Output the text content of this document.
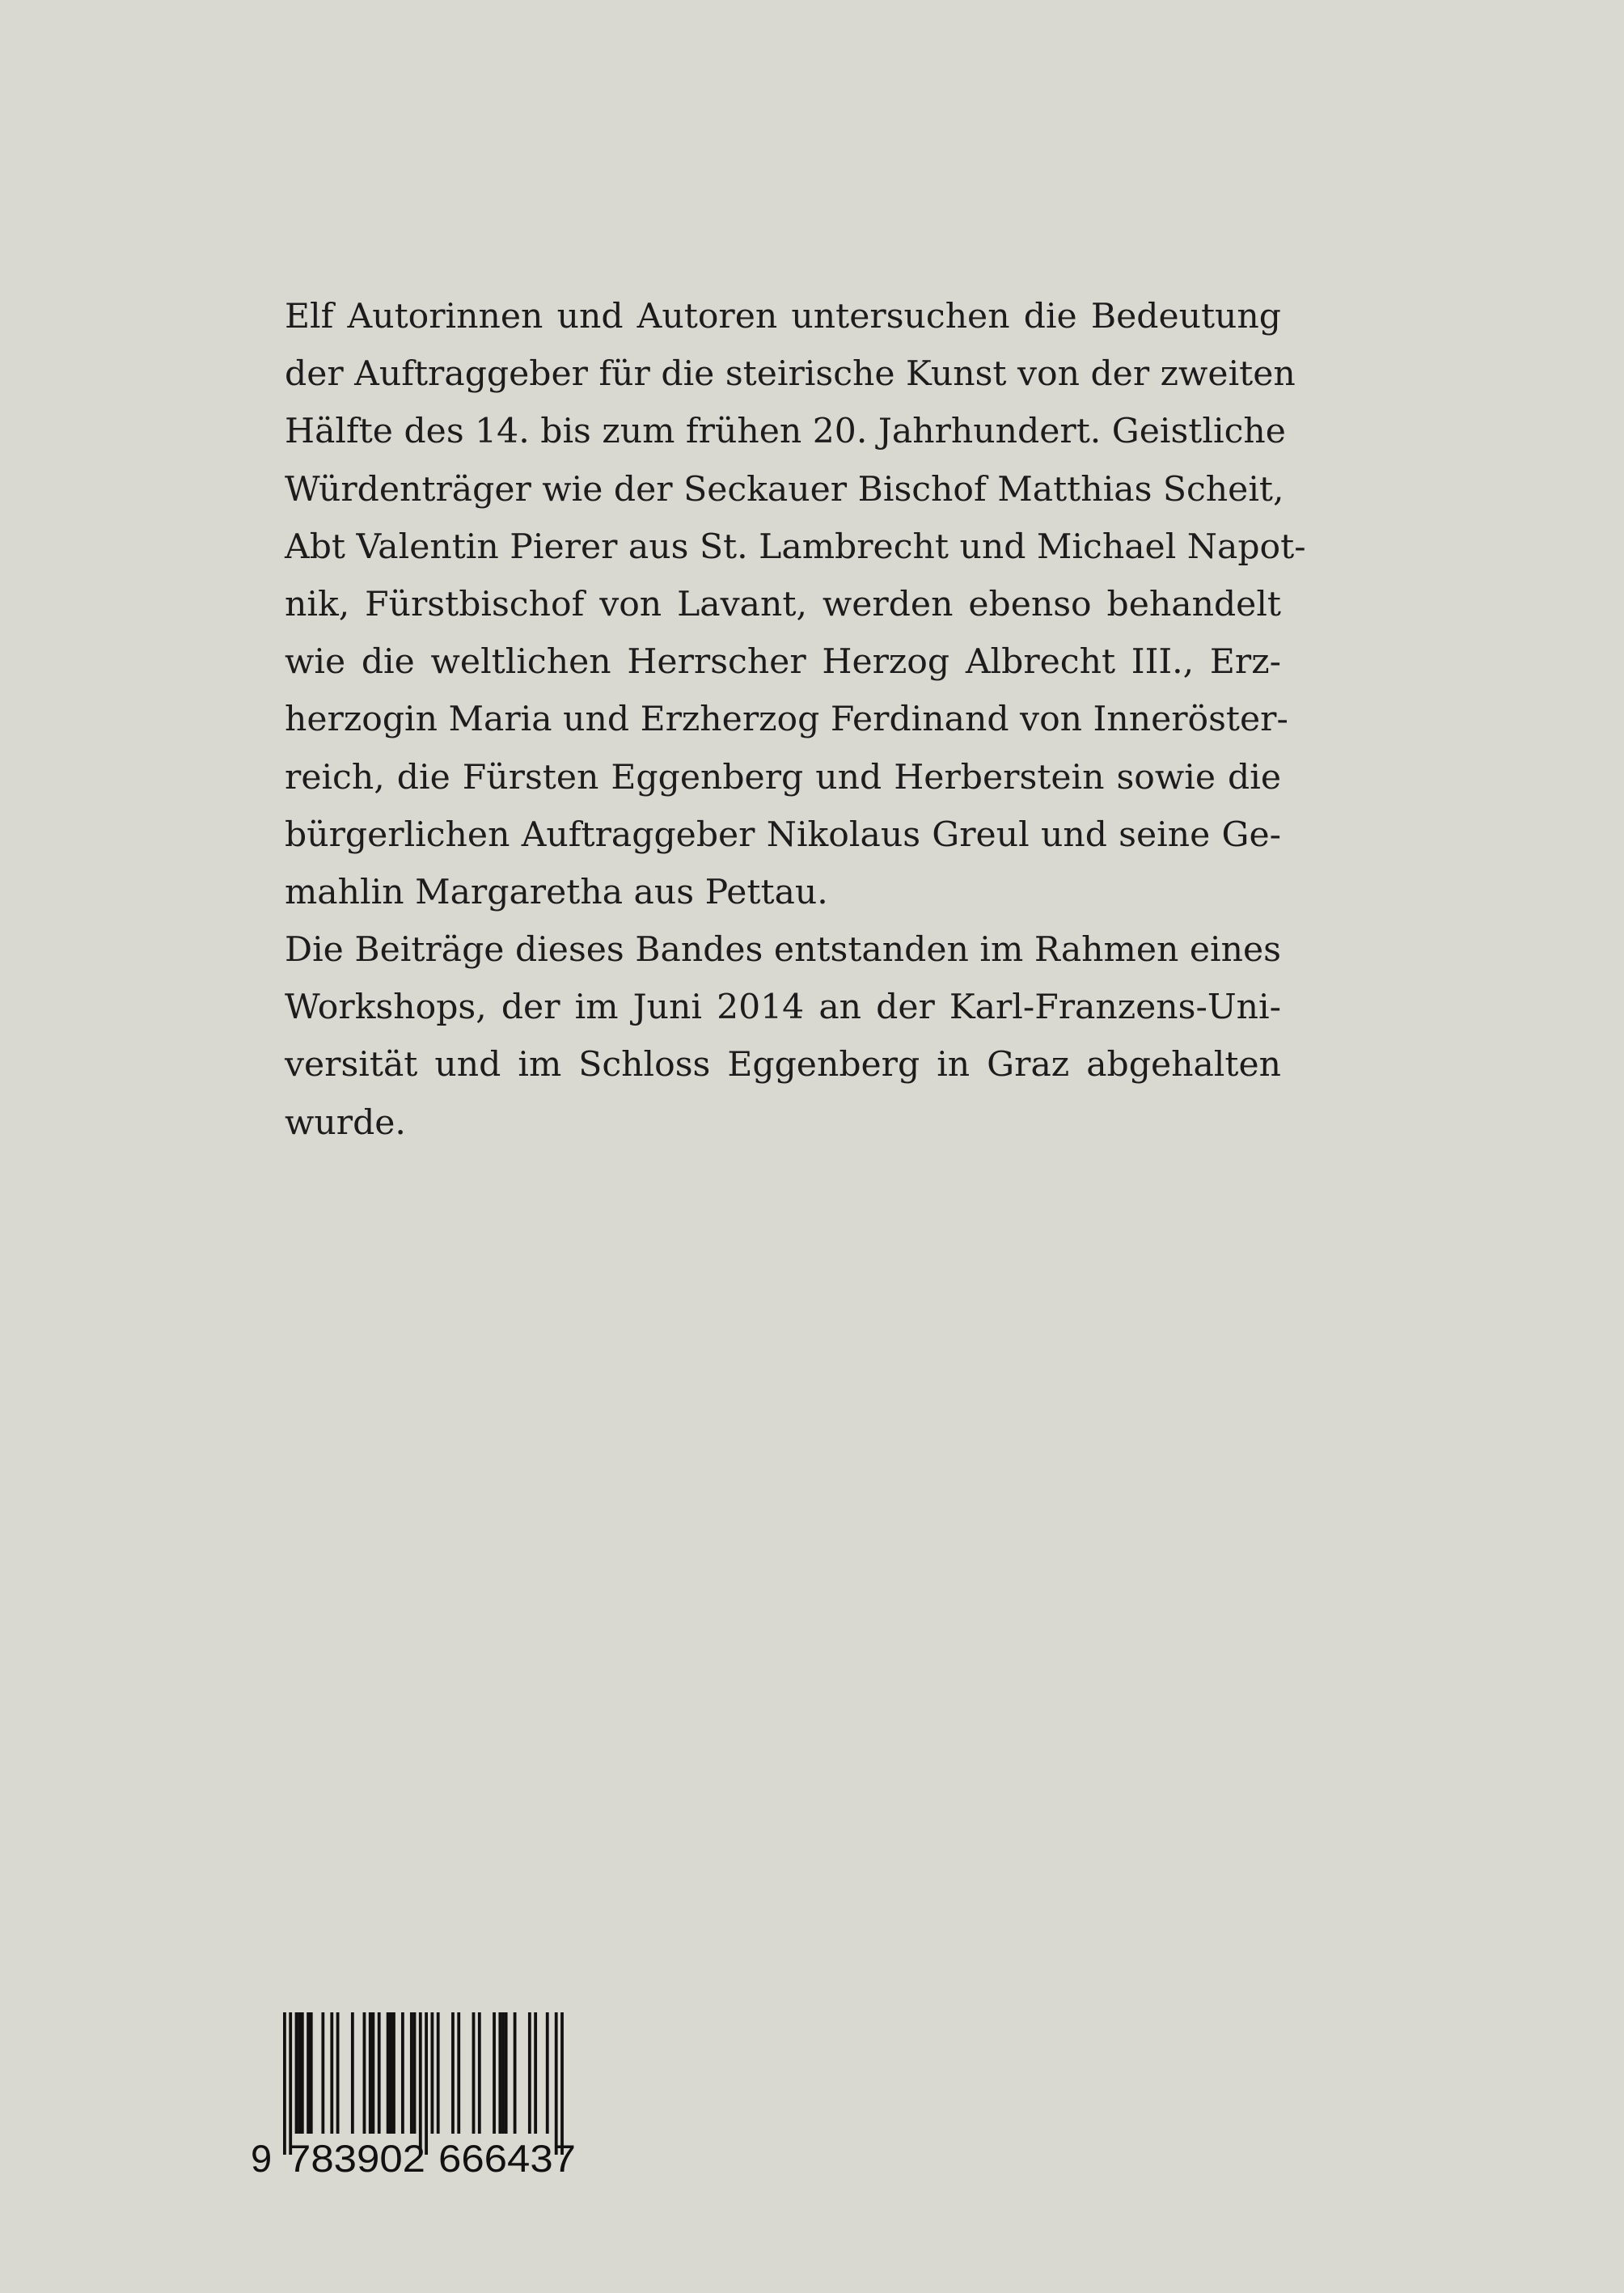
Elf Autorinnen und Autoren untersuchen die Bedeutung
der Auftraggeber für die steirische Kunst von der zweiten
Hälfte des 14. bis zum frühen 20. Jahrhundert. Geistliche
Würdenträger wie der Seckauer Bischof Matthias Scheit,
Abt Valentin Pierer aus St. Lambrecht und Michael Napot-
nik, Fürstbischof von Lavant, werden ebenso behandelt
wie die weltlichen Herrscher Herzog Albrecht III., Erz-
herzogin Maria und Erzherzog Ferdinand von Inneröster-
reich, die Fürsten Eggenberg und Herberstein sowie die
bürgerlichen Auftraggeber Nikolaus Greul und seine Ge-
mahlin Margaretha aus Pettau.
Die Beiträge dieses Bandes entstanden im Rahmen eines
Workshops, der im Juni 2014 an der Karl-Franzens-Uni-
versität und im Schloss Eggenberg in Graz abgehalten
wurde.
9 783902 666437
